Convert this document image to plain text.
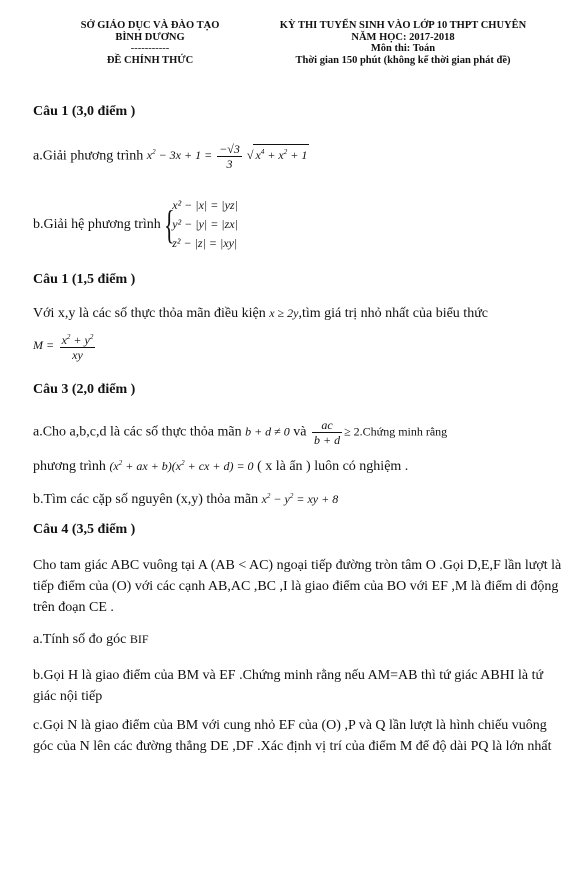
SỞ GIÁO DỤC VÀ ĐÀO TẠO
BÌNH DƯƠNG
-----------
ĐỀ CHÍNH THỨC
KỲ THI TUYỂN SINH VÀO LỚP 10 THPT CHUYÊN
NĂM HỌC: 2017-2018
Môn thi: Toán
Thời gian 150 phút (không kể thời gian phát đề)

Câu 1 (3,0 điểm )

a.Giải phương trình $x^2 - 3x + 1 = \frac{-√3}{3}$ √ $x^4 + x^2 + 1$

b.Giải hệ phương trình {
x² − |x| = |yz|
y² − |y| = |zx|
z² − |z| = |xy|

Câu 1 (1,5 điểm )

Với x,y là các số thực thỏa mãn điều kiện x ≥ 2y,tìm giá trị nhỏ nhất của biểu thức

$M = \frac{x^2 + y^2}{xy}$

Câu 3 (2,0 điểm )

a.Cho a,b,c,d là các số thực thỏa mãn b + d ≠ 0 và $\frac{ac}{b + d}$ ≥ 2.Chứng minh rằng

phương trình ($x^2$ + ax + $b)(x^2$ + cx + d) = 0 ( x là ẩn ) luôn có nghiệm .

b.Tìm các cặp số nguyên (x,y) thỏa mãn $x^2 - y^2$ = xy + 8

Câu 4 (3,5 điểm )

Cho tam giác ABC vuông tại A (AB < AC) ngoại tiếp đường tròn tâm O .Gọi D,E,F lần lượt là tiếp điểm của (O) với các cạnh AB,AC ,BC ,I là giao điểm của BO với EF ,M là điểm di động trên đoạn CE .

a.Tính số đo góc BIF

b.Gọi H là giao điểm của BM và EF .Chứng minh rằng nếu AM=AB thì tứ giác ABHI là tứ giác nội tiếp

c.Gọi N là giao điểm của BM với cung nhỏ EF của (O) ,P và Q lần lượt là hình chiếu vuông góc của N lên các đường thẳng DE ,DF .Xác định vị trí của điểm M để độ dài PQ là lớn nhất
